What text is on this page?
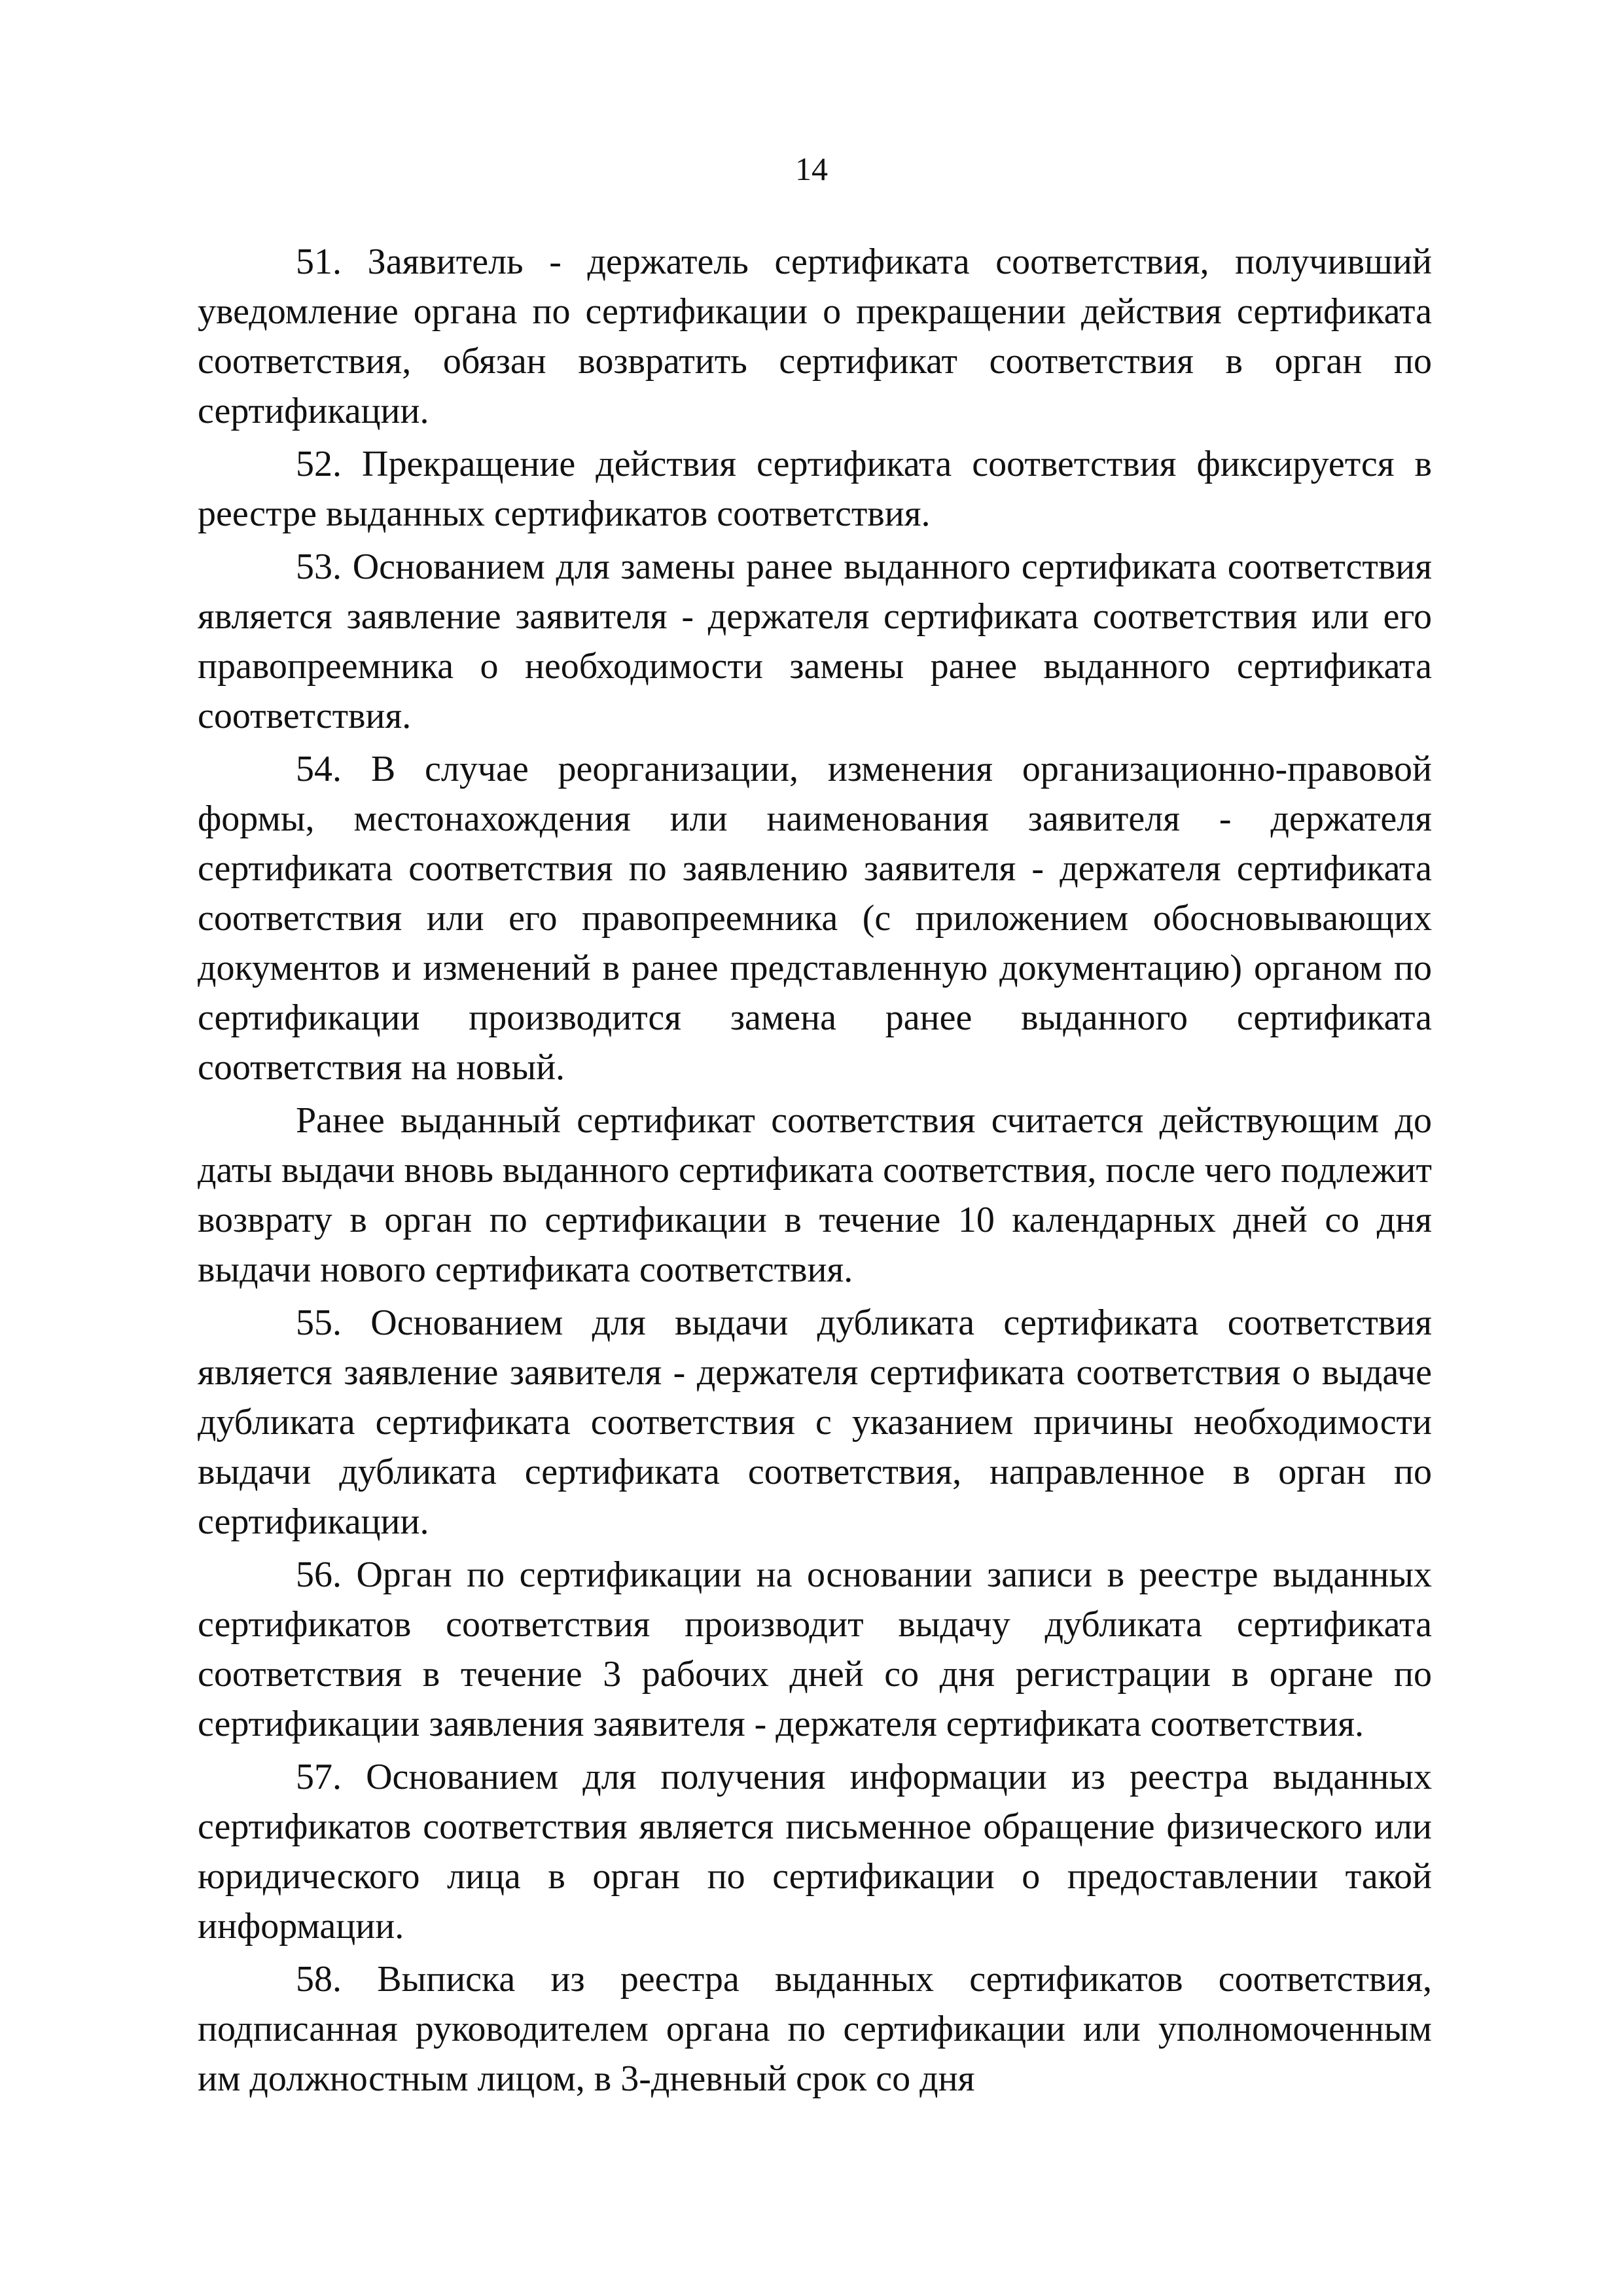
14

51. Заявитель - держатель сертификата соответствия, получивший уведомление органа по сертификации о прекращении действия сертификата соответствия, обязан возвратить сертификат соответствия в орган по сертификации.

52. Прекращение действия сертификата соответствия фиксируется в реестре выданных сертификатов соответствия.

53. Основанием для замены ранее выданного сертификата соответствия является заявление заявителя - держателя сертификата соответствия или его правопреемника о необходимости замены ранее выданного сертификата соответствия.

54. В случае реорганизации, изменения организационно-правовой формы, местонахождения или наименования заявителя - держателя сертификата соответствия по заявлению заявителя - держателя сертификата соответствия или его правопреемника (с приложением обосновывающих документов и изменений в ранее представленную документацию) органом по сертификации производится замена ранее выданного сертификата соответствия на новый.

Ранее выданный сертификат соответствия считается действующим до даты выдачи вновь выданного сертификата соответствия, после чего подлежит возврату в орган по сертификации в течение 10 календарных дней со дня выдачи нового сертификата соответствия.

55. Основанием для выдачи дубликата сертификата соответствия является заявление заявителя - держателя сертификата соответствия о выдаче дубликата сертификата соответствия с указанием причины необходимости выдачи дубликата сертификата соответствия, направленное в орган по сертификации.

56. Орган по сертификации на основании записи в реестре выданных сертификатов соответствия производит выдачу дубликата сертификата соответствия в течение 3 рабочих дней со дня регистрации в органе по сертификации заявления заявителя - держателя сертификата соответствия.

57. Основанием для получения информации из реестра выданных сертификатов соответствия является письменное обращение физического или юридического лица в орган по сертификации о предоставлении такой информации.

58. Выписка из реестра выданных сертификатов соответствия, подписанная руководителем органа по сертификации или уполномоченным им должностным лицом, в 3-дневный срок со дня
